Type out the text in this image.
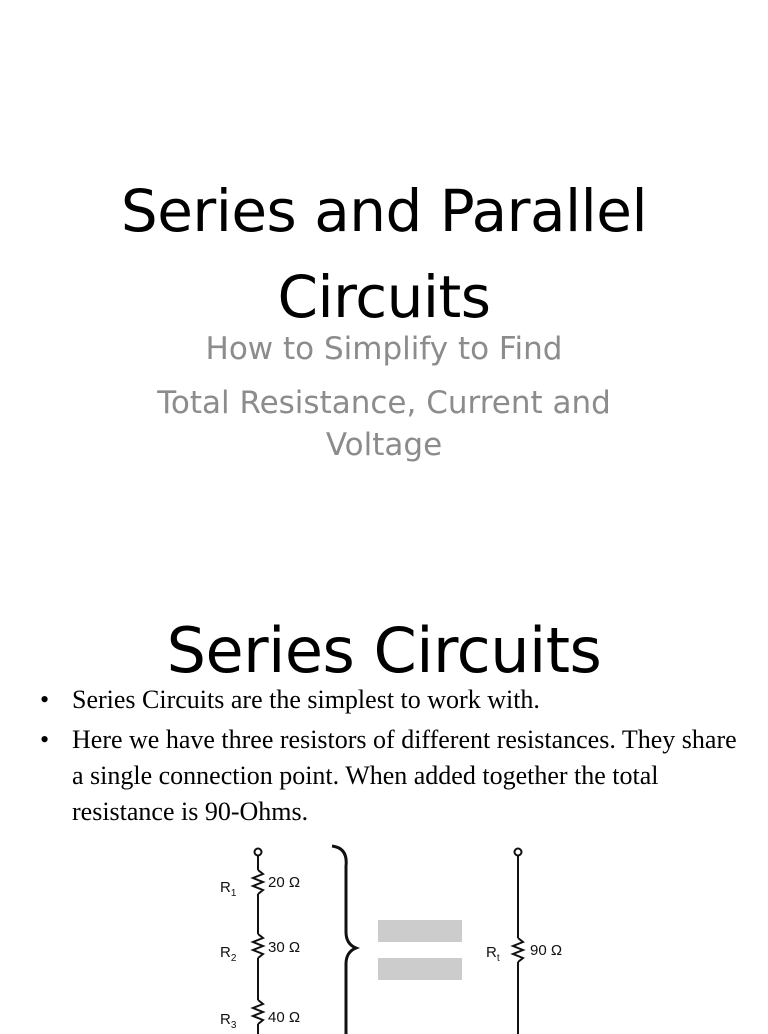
Series and Parallel
Circuits
How to Simplify to Find
Total Resistance, Current and
Voltage
Series Circuits
• Series Circuits are the simplest to work with.
• Here we have three resistors of different resistances. They share a single connection point. When added together the total resistance is 90-Ohms.
$R_1$
20 Ω
$R_2$
30 Ω
$R_3$ 40 Ω
$R_t$ 90 Ω
